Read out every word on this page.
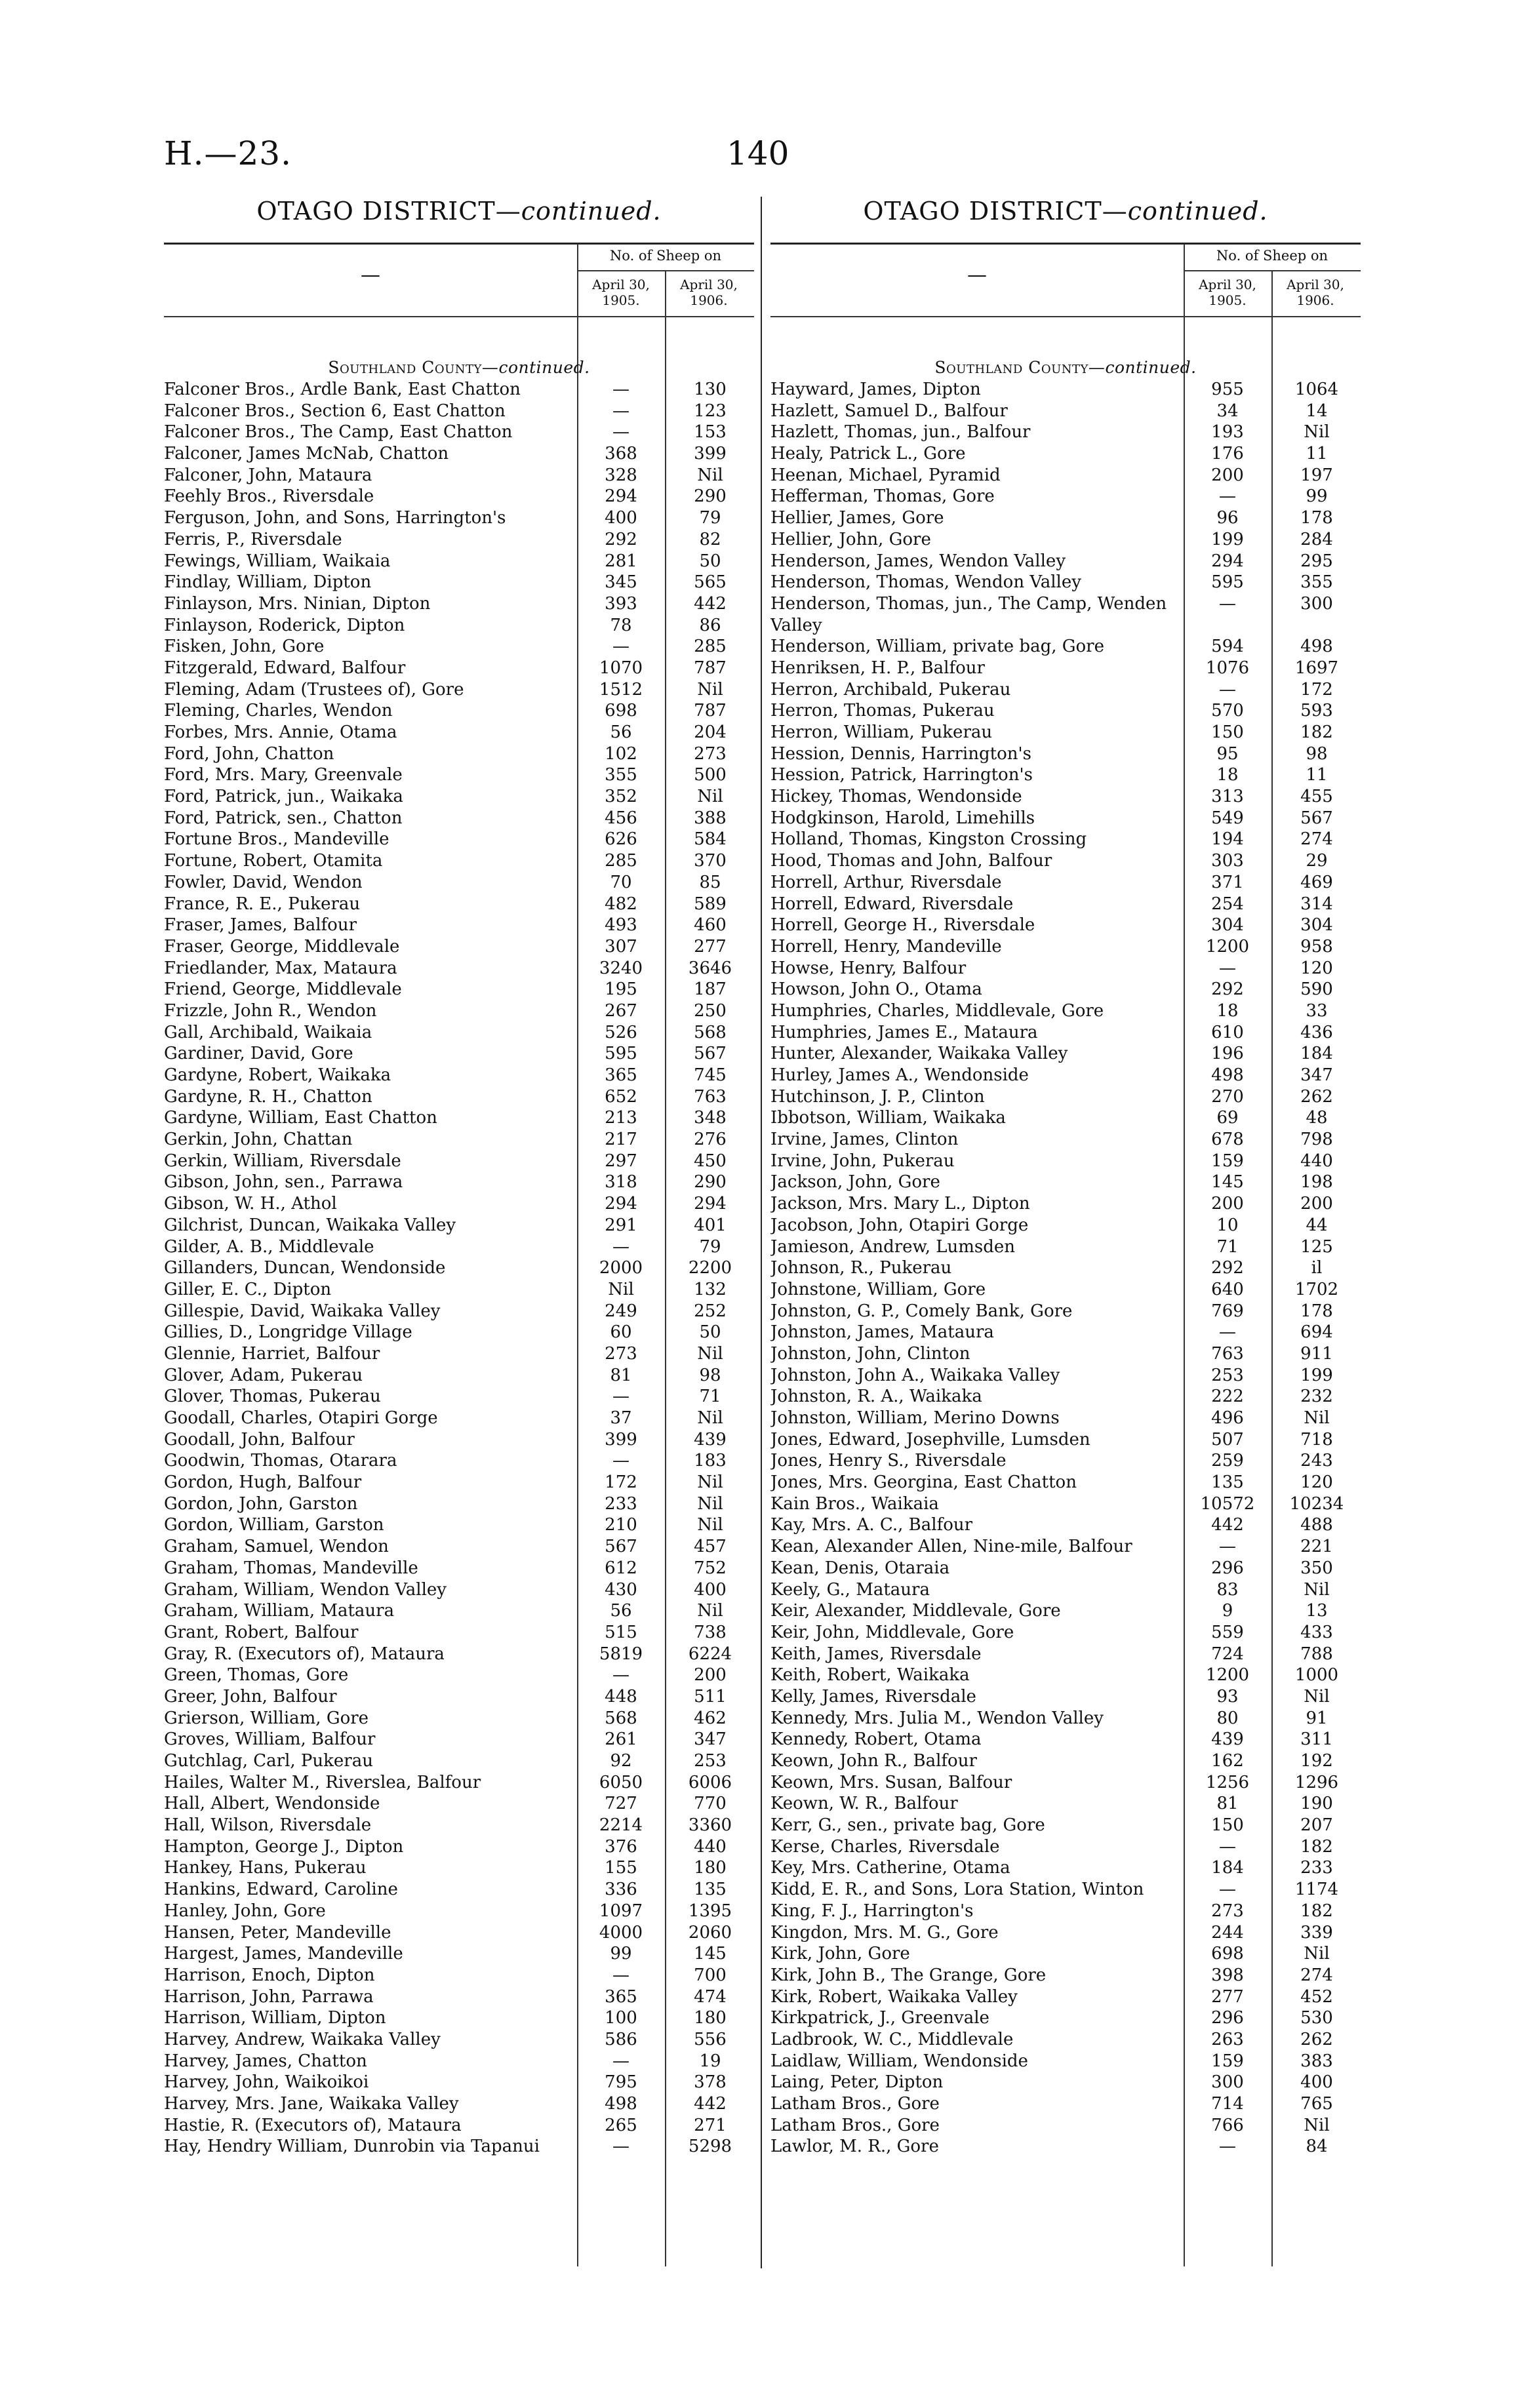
H.—23.	140
OTAGO DISTRICT—continued.
—
No. of Sheep on
April 30, 1905.
April 30, 1906.
Southland County—continued.
Falconer Bros., Ardle Bank, East Chatton	—	130
Falconer Bros., Section 6, East Chatton	—	123
Falconer Bros., The Camp, East Chatton	—	153
Falconer, James McNab, Chatton	368	399
Falconer, John, Mataura	328	Nil
Feehly Bros., Riversdale	294	290
Ferguson, John, and Sons, Harrington's	400	79
Ferris, P., Riversdale	292	82
Fewings, William, Waikaia	281	50
Findlay, William, Dipton	345	565
Finlayson, Mrs. Ninian, Dipton	393	442
Finlayson, Roderick, Dipton	78	86
Fisken, John, Gore	—	285
Fitzgerald, Edward, Balfour	1070	787
Fleming, Adam (Trustees of), Gore	1512	Nil
Fleming, Charles, Wendon	698	787
Forbes, Mrs. Annie, Otama	56	204
Ford, John, Chatton	102	273
Ford, Mrs. Mary, Greenvale	355	500
Ford, Patrick, jun., Waikaka	352	Nil
Ford, Patrick, sen., Chatton	456	388
Fortune Bros., Mandeville	626	584
Fortune, Robert, Otamita	285	370
Fowler, David, Wendon	70	85
France, R. E., Pukerau	482	589
Fraser, James, Balfour	493	460
Fraser, George, Middlevale	307	277
Friedlander, Max, Mataura	3240	3646
Friend, George, Middlevale	195	187
Frizzle, John R., Wendon	267	250
Gall, Archibald, Waikaia	526	568
Gardiner, David, Gore	595	567
Gardyne, Robert, Waikaka	365	745
Gardyne, R. H., Chatton	652	763
Gardyne, William, East Chatton	213	348
Gerkin, John, Chattan	217	276
Gerkin, William, Riversdale	297	450
Gibson, John, sen., Parrawa	318	290
Gibson, W. H., Athol	294	294
Gilchrist, Duncan, Waikaka Valley	291	401
Gilder, A. B., Middlevale	—	79
Gillanders, Duncan, Wendonside	2000	2200
Giller, E. C., Dipton	Nil	132
Gillespie, David, Waikaka Valley	249	252
Gillies, D., Longridge Village	60	50
Glennie, Harriet, Balfour	273	Nil
Glover, Adam, Pukerau	81	98
Glover, Thomas, Pukerau	—	71
Goodall, Charles, Otapiri Gorge	37	Nil
Goodall, John, Balfour	399	439
Goodwin, Thomas, Otarara	—	183
Gordon, Hugh, Balfour	172	Nil
Gordon, John, Garston	233	Nil
Gordon, William, Garston	210	Nil
Graham, Samuel, Wendon	567	457
Graham, Thomas, Mandeville	612	752
Graham, William, Wendon Valley	430	400
Graham, William, Mataura	56	Nil
Grant, Robert, Balfour	515	738
Gray, R. (Executors of), Mataura	5819	6224
Green, Thomas, Gore	—	200
Greer, John, Balfour	448	511
Grierson, William, Gore	568	462
Groves, William, Balfour	261	347
Gutchlag, Carl, Pukerau	92	253
Hailes, Walter M., Riverslea, Balfour	6050	6006
Hall, Albert, Wendonside	727	770
Hall, Wilson, Riversdale	2214	3360
Hampton, George J., Dipton	376	440
Hankey, Hans, Pukerau	155	180
Hankins, Edward, Caroline	336	135
Hanley, John, Gore	1097	1395
Hansen, Peter, Mandeville	4000	2060
Hargest, James, Mandeville	99	145
Harrison, Enoch, Dipton	—	700
Harrison, John, Parrawa	365	474
Harrison, William, Dipton	100	180
Harvey, Andrew, Waikaka Valley	586	556
Harvey, James, Chatton	—	19
Harvey, John, Waikoikoi	795	378
Harvey, Mrs. Jane, Waikaka Valley	498	442
Hastie, R. (Executors of), Mataura	265	271
Hay, Hendry William, Dunrobin via Tapanui	—	5298
OTAGO DISTRICT—continued.
—
No. of Sheep on
April 30, 1905.
April 30, 1906.
Southland County—continued.
Hayward, James, Dipton	955	1064
Hazlett, Samuel D., Balfour	34	14
Hazlett, Thomas, jun., Balfour	193	Nil
Healy, Patrick L., Gore	176	11
Heenan, Michael, Pyramid	200	197
Hefferman, Thomas, Gore	—	99
Hellier, James, Gore	96	178
Hellier, John, Gore	199	284
Henderson, James, Wendon Valley	294	295
Henderson, Thomas, Wendon Valley	595	355
Henderson, Thomas, jun., The Camp, Wenden Valley
—	300
Henderson, William, private bag, Gore	594	498
Henriksen, H. P., Balfour	1076	1697
Herron, Archibald, Pukerau	—	172
Herron, Thomas, Pukerau	570	593
Herron, William, Pukerau	150	182
Hession, Dennis, Harrington's	95	98
Hession, Patrick, Harrington's	18	11
Hickey, Thomas, Wendonside	313	455
Hodgkinson, Harold, Limehills	549	567
Holland, Thomas, Kingston Crossing	194	274
Hood, Thomas and John, Balfour	303	29
Horrell, Arthur, Riversdale	371	469
Horrell, Edward, Riversdale	254	314
Horrell, George H., Riversdale	304	304
Horrell, Henry, Mandeville	1200	958
Howse, Henry, Balfour	—	120
Howson, John O., Otama	292	590
Humphries, Charles, Middlevale, Gore	18	33
Humphries, James E., Mataura	610	436
Hunter, Alexander, Waikaka Valley	196	184
Hurley, James A., Wendonside	498	347
Hutchinson, J. P., Clinton	270	262
Ibbotson, William, Waikaka	69	48
Irvine, James, Clinton	678	798
Irvine, John, Pukerau	159	440
Jackson, John, Gore	145	198
Jackson, Mrs. Mary L., Dipton	200	200
Jacobson, John, Otapiri Gorge	10	44
Jamieson, Andrew, Lumsden	71	125
Johnson, R., Pukerau	292	il
Johnstone, William, Gore	640	1702
Johnston, G. P., Comely Bank, Gore	769	178
Johnston, James, Mataura	—	694
Johnston, John, Clinton	763	911
Johnston, John A., Waikaka Valley	253	199
Johnston, R. A., Waikaka	222	232
Johnston, William, Merino Downs	496	Nil
Jones, Edward, Josephville, Lumsden	507	718
Jones, Henry S., Riversdale	259	243
Jones, Mrs. Georgina, East Chatton	135	120
Kain Bros., Waikaia	10572	10234
Kay, Mrs. A. C., Balfour	442	488
Kean, Alexander Allen, Nine-mile, Balfour	—	221
Kean, Denis, Otaraia	296	350
Keely, G., Mataura	83	Nil
Keir, Alexander, Middlevale, Gore	9	13
Keir, John, Middlevale, Gore	559	433
Keith, James, Riversdale	724	788
Keith, Robert, Waikaka	1200	1000
Kelly, James, Riversdale	93	Nil
Kennedy, Mrs. Julia M., Wendon Valley	80	91
Kennedy, Robert, Otama	439	311
Keown, John R., Balfour	162	192
Keown, Mrs. Susan, Balfour	1256	1296
Keown, W. R., Balfour	81	190
Kerr, G., sen., private bag, Gore	150	207
Kerse, Charles, Riversdale	—	182
Key, Mrs. Catherine, Otama	184	233
Kidd, E. R., and Sons, Lora Station, Winton	—	1174
King, F. J., Harrington's	273	182
Kingdon, Mrs. M. G., Gore	244	339
Kirk, John, Gore	698	Nil
Kirk, John B., The Grange, Gore	398	274
Kirk, Robert, Waikaka Valley	277	452
Kirkpatrick, J., Greenvale	296	530
Ladbrook, W. C., Middlevale	263	262
Laidlaw, William, Wendonside	159	383
Laing, Peter, Dipton	300	400
Latham Bros., Gore	714	765
Latham Bros., Gore	766	Nil
Lawlor, M. R., Gore	—	84
